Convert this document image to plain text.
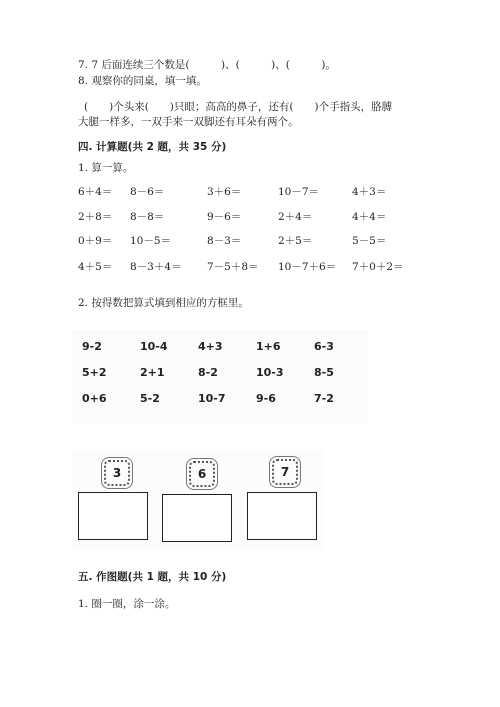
7. 7 后面连续三个数是(　　　)、(　　　)、(　　　)。
8. 观察你的同桌，填一填。
(　　)个头来(　　)只眼；高高的鼻子，还有(　　)个手指头，胳膊
大腿一样多，一双手来一双脚还有耳朵有两个。
四. 计算题(共 2 题，共 35 分)
1. 算一算。
6＋4＝ 8－6＝	3＋6＝	10－7＝	4＋3＝
2＋8＝ 8－8＝	9－6＝	2＋4＝	4＋4＝
0＋9＝ 10－5＝	8－3＝	2＋5＝	5－5＝
4＋5＝ 8－3＋4＝ 7－5＋8＝ 10－7＋6＝ 7＋0＋2＝
2. 按得数把算式填到相应的方框里。
9-2	10-4	4+3	1+6	6-3
5+2	2+1	8-2	10-3	8-5
0+6	5-2	10-7	9-6	7-2
3	6	7
五. 作图题(共 1 题，共 10 分)
1. 圈一圈，涂一涂。
